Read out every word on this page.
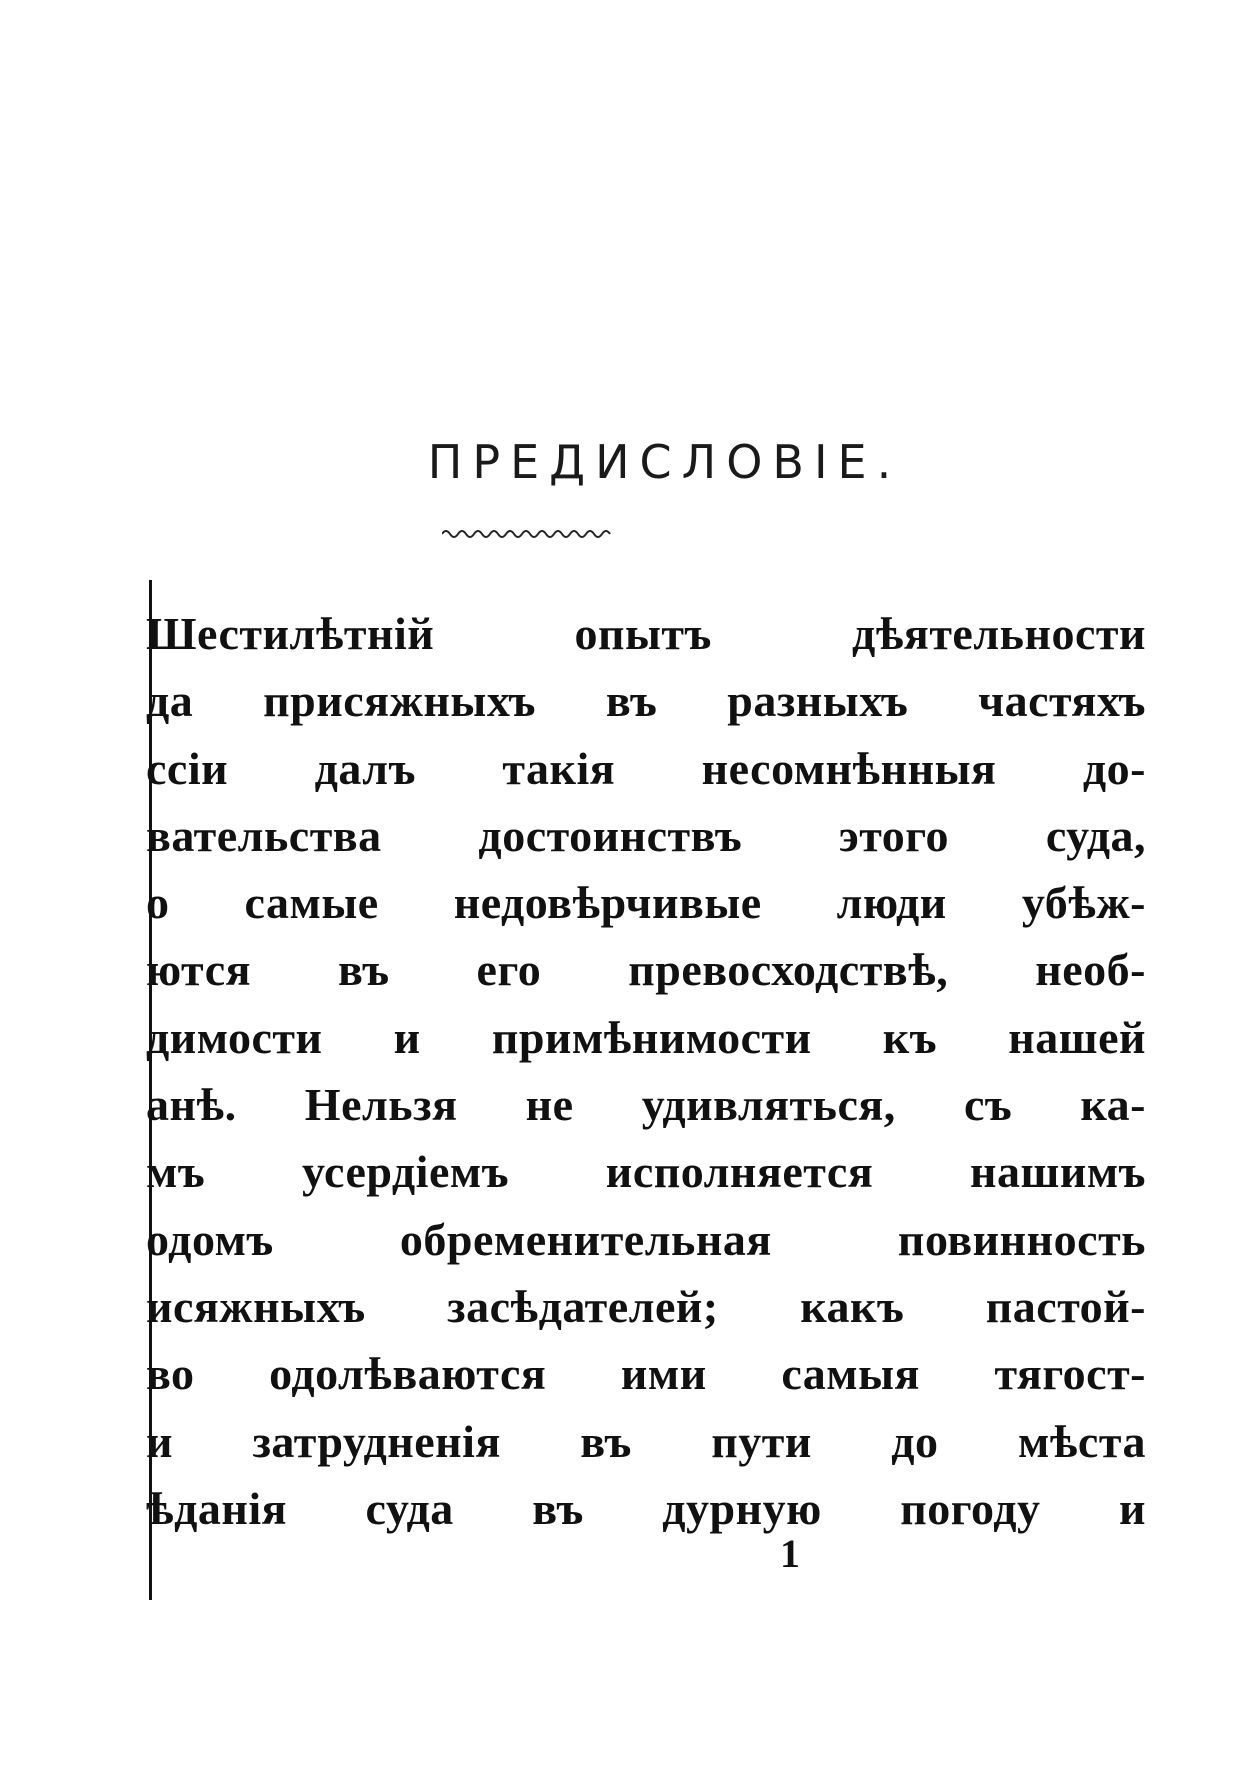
ПРЕДИСЛОВІЕ.
Шестилѣтній опытъ дѣятельности
да присяжныхъ въ разныхъ частяхъ
ссіи далъ такія несомнѣнныя до-
вательства достоинствъ этого суда,
о самые недовѣрчивые люди убѣж-
ются въ его превосходствѣ, необ-
димости и примѣнимости къ нашей
анѣ. Нельзя не удивляться, съ ка-
мъ усердіемъ исполняется нашимъ
одомъ обременительная повинность
исяжныхъ засѣдателей; какъ пастой-
во одолѣваются ими самыя тягост-
и затрудненія въ пути до мѣста
ѣданія суда въ дурную погоду и
1
